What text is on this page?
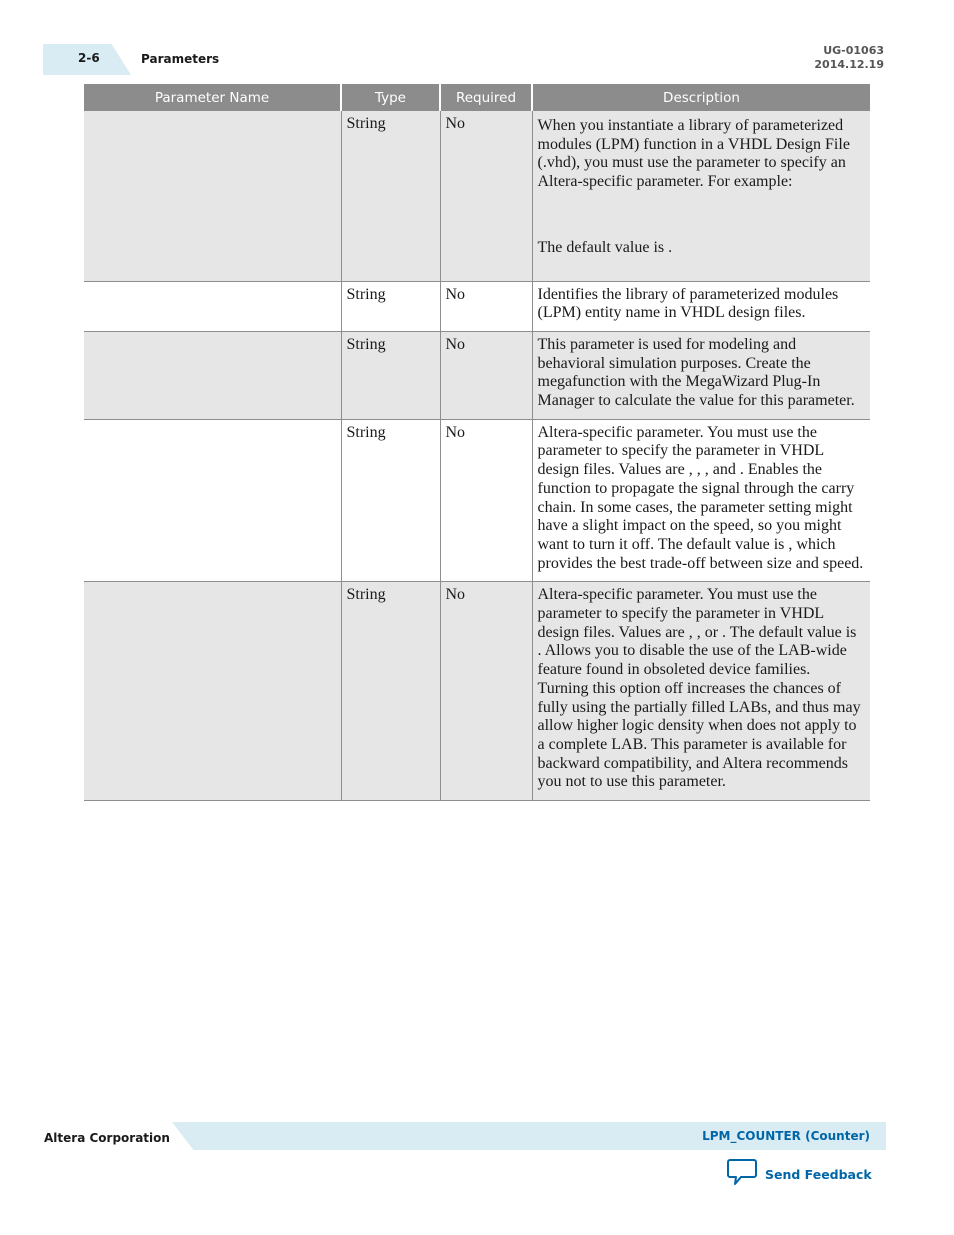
2-6	Parameters
UG-01063
2014.12.19
Parameter Name	Type	Required	Description
	String	No	When you instantiate a library of parameterized modules (LPM) function in a VHDL Design File (.vhd), you must use the parameter to specify an Altera-specific parameter. For example:

The default value is .

	String	No	Identifies the library of parameterized modules (LPM) entity name in VHDL design files.

	String	No	This parameter is used for modeling and behavioral simulation purposes. Create the megafunction with the MegaWizard Plug-In Manager to calculate the value for this parameter.

	String	No	Altera-specific parameter. You must use the parameter to specify the parameter in VHDL design files. Values are , , , and . Enables the function to propagate the signal through the carry chain. In some cases, the parameter setting might have a slight impact on the speed, so you might want to turn it off. The default value is , which provides the best trade-off between size and speed.

	String	No	Altera-specific parameter. You must use the parameter to specify the parameter in VHDL design files. Values are , , or . The default value is . Allows you to disable the use of the LAB-wide feature found in obsoleted device families. Turning this option off increases the chances of fully using the partially filled LABs, and thus may allow higher logic density when does not apply to a complete LAB. This parameter is available for backward compatibility, and Altera recommends you not to use this parameter.

Altera Corporation	LPM_COUNTER (Counter)
Send Feedback
